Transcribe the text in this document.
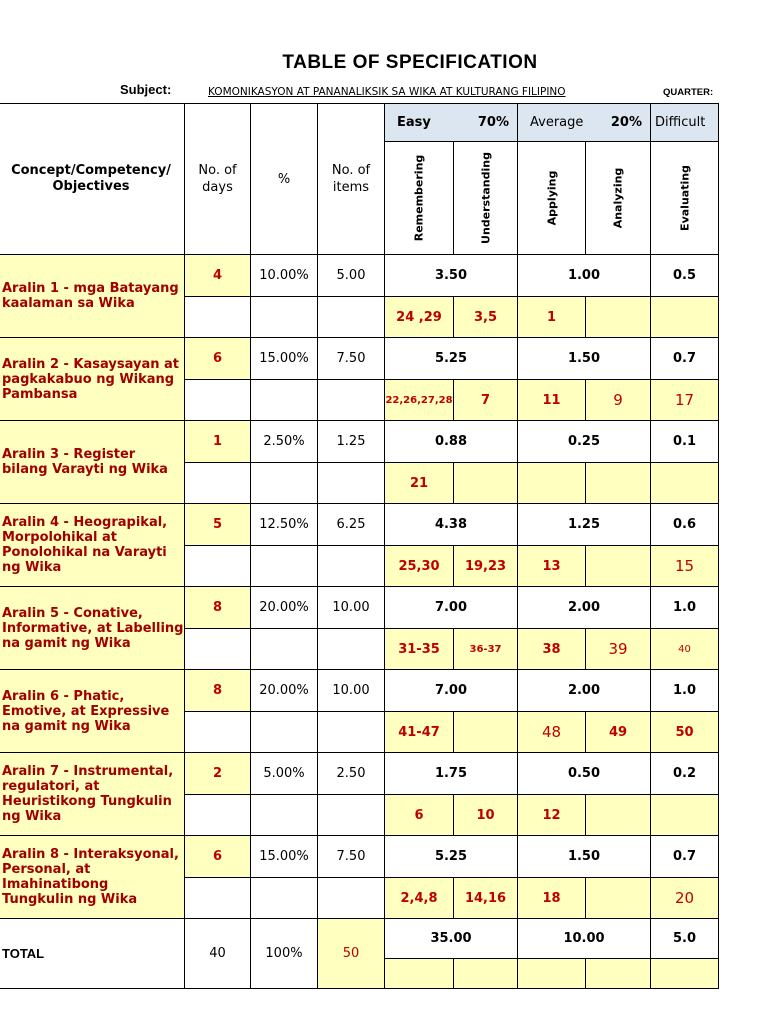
TABLE OF SPECIFICATION
Subject:	KOMONIKASYON AT PANANALIKSIK SA WIKA AT KULTURANG FILIPINO	QUARTER:
Concept/Competency/ Objectives	No. of days	%	No. of items	Easy 70%		Average 20%		Difficult

				Remembering	Understanding	Applying	Analyzing	Evaluating

Aralin 1 - mga Batayang kaalaman sa Wika	4	10.00%	5.00	3.50		1.00		0.5
				24 ,29	3,5	1		
Aralin 2 - Kasaysayan at pagkakabuo ng Wikang Pambansa	6	15.00%	7.50	5.25		1.50		0.7
				22,26,27,28	7	11	9	17
Aralin 3 - Register bilang Varayti ng Wika	1	2.50%	1.25	0.88		0.25		0.1
				21				
Aralin 4 - Heograpikal, Morpolohikal at Ponolohikal na Varayti ng Wika	5	12.50%	6.25	4.38		1.25		0.6
				25,30	19,23	13		15
Aralin 5 - Conative, Informative, at Labelling na gamit ng Wika	8	20.00%	10.00	7.00		2.00		1.0
				31-35	36-37	38	39	40
Aralin 6 - Phatic, Emotive, at Expressive na gamit ng Wika	8	20.00%	10.00	7.00		2.00		1.0
				41-47		48	49	50
Aralin 7 - Instrumental, regulatori, at Heuristikong Tungkulin ng Wika	2	5.00%	2.50	1.75		0.50		0.2
				6	10	12		
Aralin 8 - Interaksyonal, Personal, at Imahinatibong Tungkulin ng Wika	6	15.00%	7.50	5.25		1.50		0.7
				2,4,8	14,16	18		20
TOTAL	40	100%	50	35.00		10.00		5.0
